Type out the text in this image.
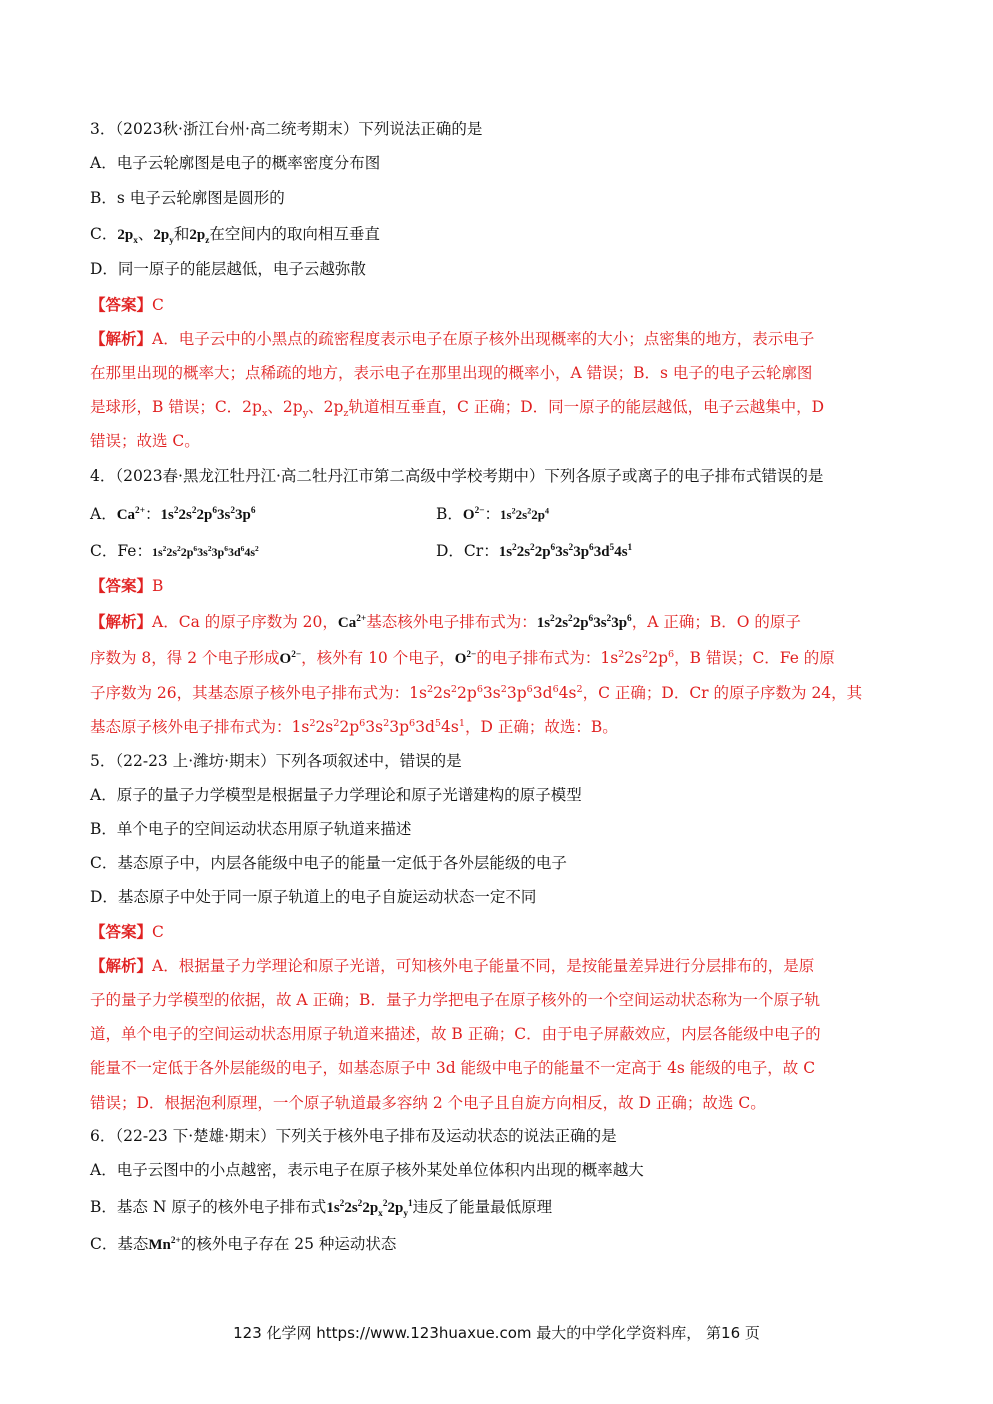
3．（2023秋·浙江台州·高二统考期末）下列说法正确的是
A．电子云轮廓图是电子的概率密度分布图
B．s 电子云轮廓图是圆形的
C．$2p_x$、$2p_y$和$2p_z$在空间内的取向相互垂直
D．同一原子的能层越低，电子云越弥散
【答案】C
【解析】A．电子云中的小黑点的疏密程度表示电子在原子核外出现概率的大小；点密集的地方，表示电子
在那里出现的概率大；点稀疏的地方，表示电子在那里出现的概率小，A 错误；B．s 电子的电子云轮廓图
是球形，B 错误；C．$2p_x$、$2p_y$、$2p_z$轨道相互垂直，C 正确；D．同一原子的能层越低，电子云越集中，D
错误；故选 C。
4．（2023春·黑龙江牡丹江·高二牡丹江市第二高级中学校考期中）下列各原子或离子的电子排布式错误的是
A．$Ca^{2+}$：$1s^22s^22p^63s^23p^6$	B．$O^{2-}$：$1s^22s^22p^4$
C．Fe：$1s^22s^22p^63s^23p^63d^64s^2$	D．Cr：$1s^22s^22p^63s^23p^63d^54s^1$
【答案】B
【解析】A．Ca 的原子序数为 20，$Ca^{2+}$基态核外电子排布式为：$1s^22s^22p^63s^23p^6$，A 正确；B．O 的原子
序数为 8，得 2 个电子形成$O^{2-}$，核外有 10 个电子，$O^{2-}$的电子排布式为：$1s^22s^22p^6$，B 错误；C．Fe 的原
子序数为 26，其基态原子核外电子排布式为：$1s^22s^22p^63s^23p^63d^64s^2$，C 正确；D．Cr 的原子序数为 24，其
基态原子核外电子排布式为：$1s^22s^22p^63s^23p^63d^54s^1$，D 正确；故选：B。
5．（22-23 上·潍坊·期末）下列各项叙述中，错误的是
A．原子的量子力学模型是根据量子力学理论和原子光谱建构的原子模型
B．单个电子的空间运动状态用原子轨道来描述
C．基态原子中，内层各能级中电子的能量一定低于各外层能级的电子
D．基态原子中处于同一原子轨道上的电子自旋运动状态一定不同
【答案】C
【解析】A．根据量子力学理论和原子光谱，可知核外电子能量不同，是按能量差异进行分层排布的，是原
子的量子力学模型的依据，故 A 正确；B．量子力学把电子在原子核外的一个空间运动状态称为一个原子轨
道，单个电子的空间运动状态用原子轨道来描述，故 B 正确；C．由于电子屏蔽效应，内层各能级中电子的
能量不一定低于各外层能级的电子，如基态原子中 3d 能级中电子的能量不一定高于 4s 能级的电子，故 C
错误；D．根据泡利原理，一个原子轨道最多容纳 2 个电子且自旋方向相反，故 D 正确；故选 C。
6．（22-23 下·楚雄·期末）下列关于核外电子排布及运动状态的说法正确的是
A．电子云图中的小点越密，表示电子在原子核外某处单位体积内出现的概率越大
B．基态 N 原子的核外电子排布式$1s^22s^22p_x^22p_y^1$违反了能量最低原理
C．基态$Mn^{2+}$的核外电子存在 25 种运动状态
123 化学网 https://www.123huaxue.com 最大的中学化学资料库， 第16 页
